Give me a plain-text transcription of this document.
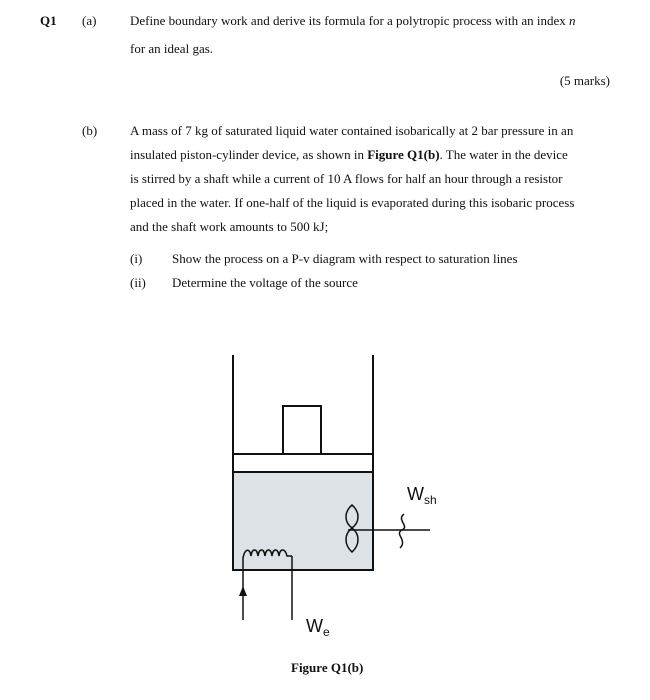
Q1 (a)	Define boundary work and derive its formula for a polytropic process with an index n
for an ideal gas.
(5 marks)
(b)	A mass of 7 kg of saturated liquid water contained isobarically at 2 bar pressure in an
insulated piston-cylinder device, as shown in Figure Q1(b). The water in the device
is stirred by a shaft while a current of 10 A flows for half an hour through a resistor
placed in the water. If one-half of the liquid is evaporated during this isobaric process
and the shaft work amounts to 500 kJ;
(i) Show the process on a P-v diagram with respect to saturation lines
(ii) Determine the voltage of the source
$W_{sh}$
$W_e$
Figure Q1(b)
